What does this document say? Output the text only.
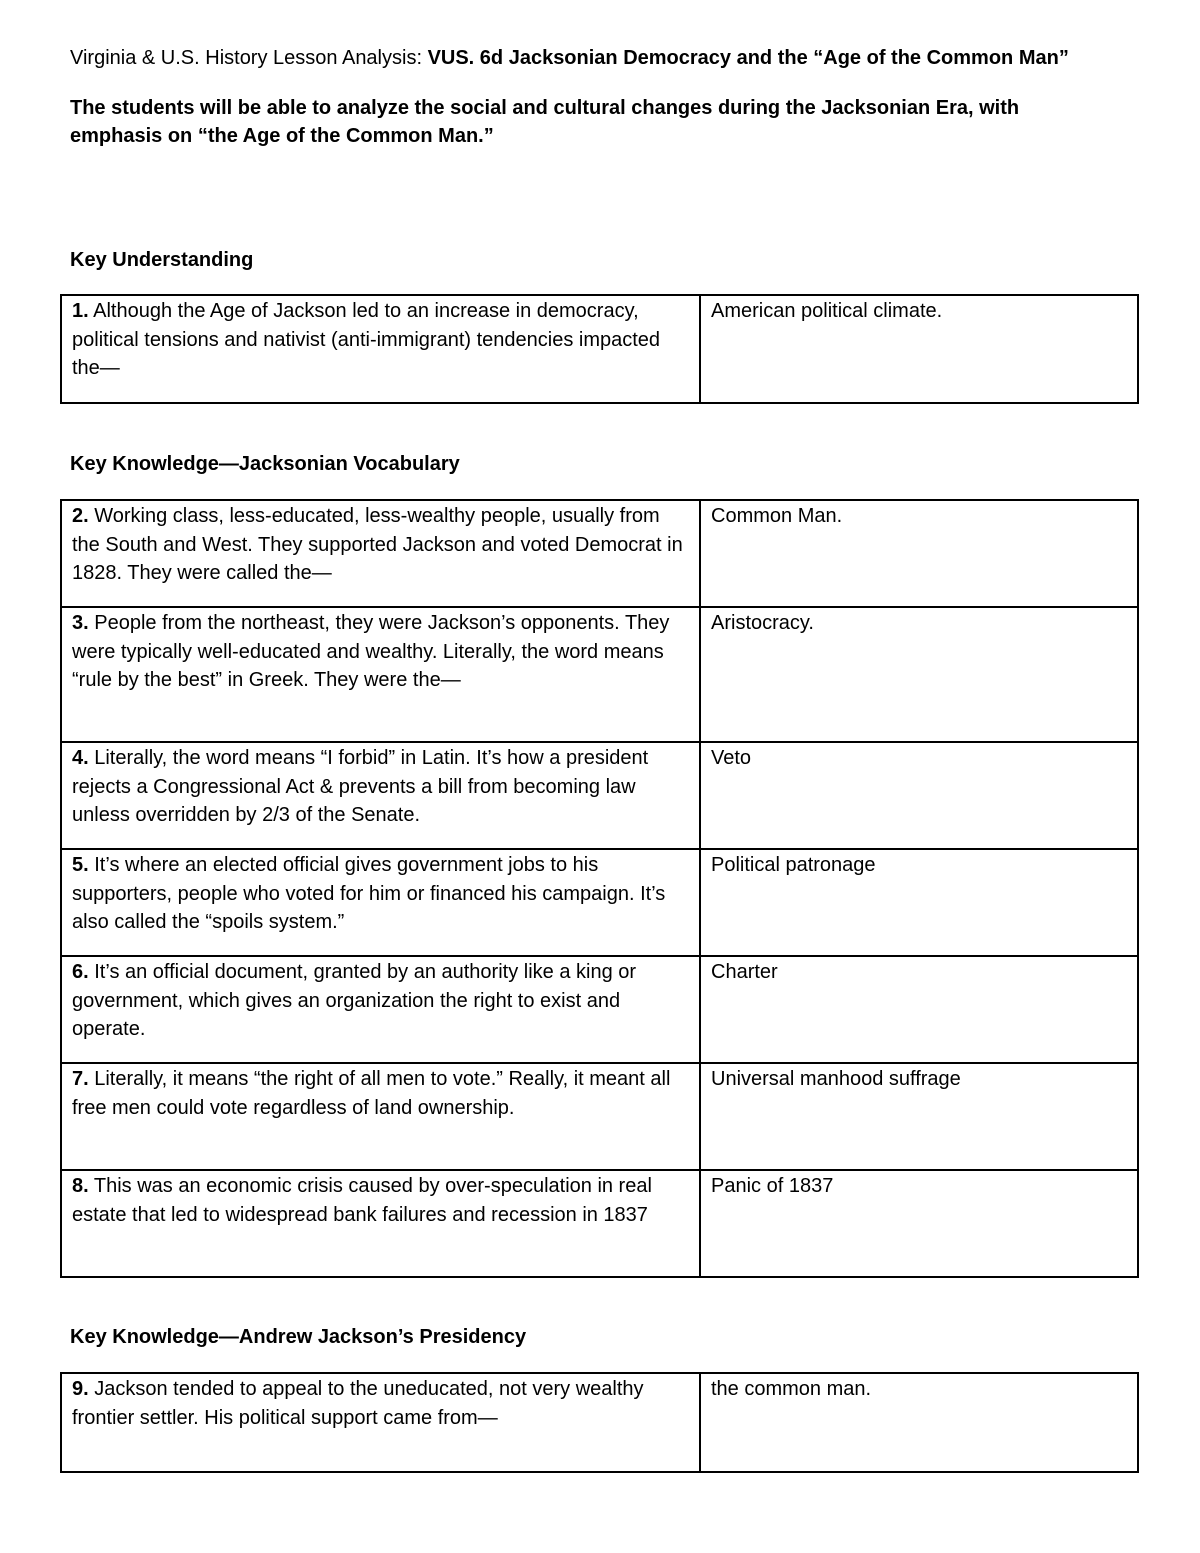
Virginia & U.S. History Lesson Analysis: VUS. 6d Jacksonian Democracy and the “Age of the Common Man”

The students will be able to analyze the social and cultural changes during the Jacksonian Era, with emphasis on “the Age of the Common Man.”

Key Understanding
1. Although the Age of Jackson led to an increase in democracy, political tensions and nativist (anti-immigrant) tendencies impacted the—	American political climate.
Key Knowledge—Jacksonian Vocabulary
2. Working class, less-educated, less-wealthy people, usually from the South and West. They supported Jackson and voted Democrat in 1828. They were called the—	Common Man.
3. People from the northeast, they were Jackson’s opponents. They were typically well-educated and wealthy. Literally, the word means “rule by the best” in Greek. They were the—	Aristocracy.
4. Literally, the word means “I forbid” in Latin. It’s how a president rejects a Congressional Act & prevents a bill from becoming law unless overridden by 2/3 of the Senate.	Veto
5. It’s where an elected official gives government jobs to his supporters, people who voted for him or financed his campaign. It’s also called the “spoils system.”	Political patronage
6. It’s an official document, granted by an authority like a king or government, which gives an organization the right to exist and operate.	Charter
7. Literally, it means “the right of all men to vote.” Really, it meant all free men could vote regardless of land ownership.	Universal manhood suffrage
8. This was an economic crisis caused by over-speculation in real estate that led to widespread bank failures and recession in 1837	Panic of 1837
Key Knowledge—Andrew Jackson’s Presidency
9. Jackson tended to appeal to the uneducated, not very wealthy frontier settler. His political support came from—	the common man.
